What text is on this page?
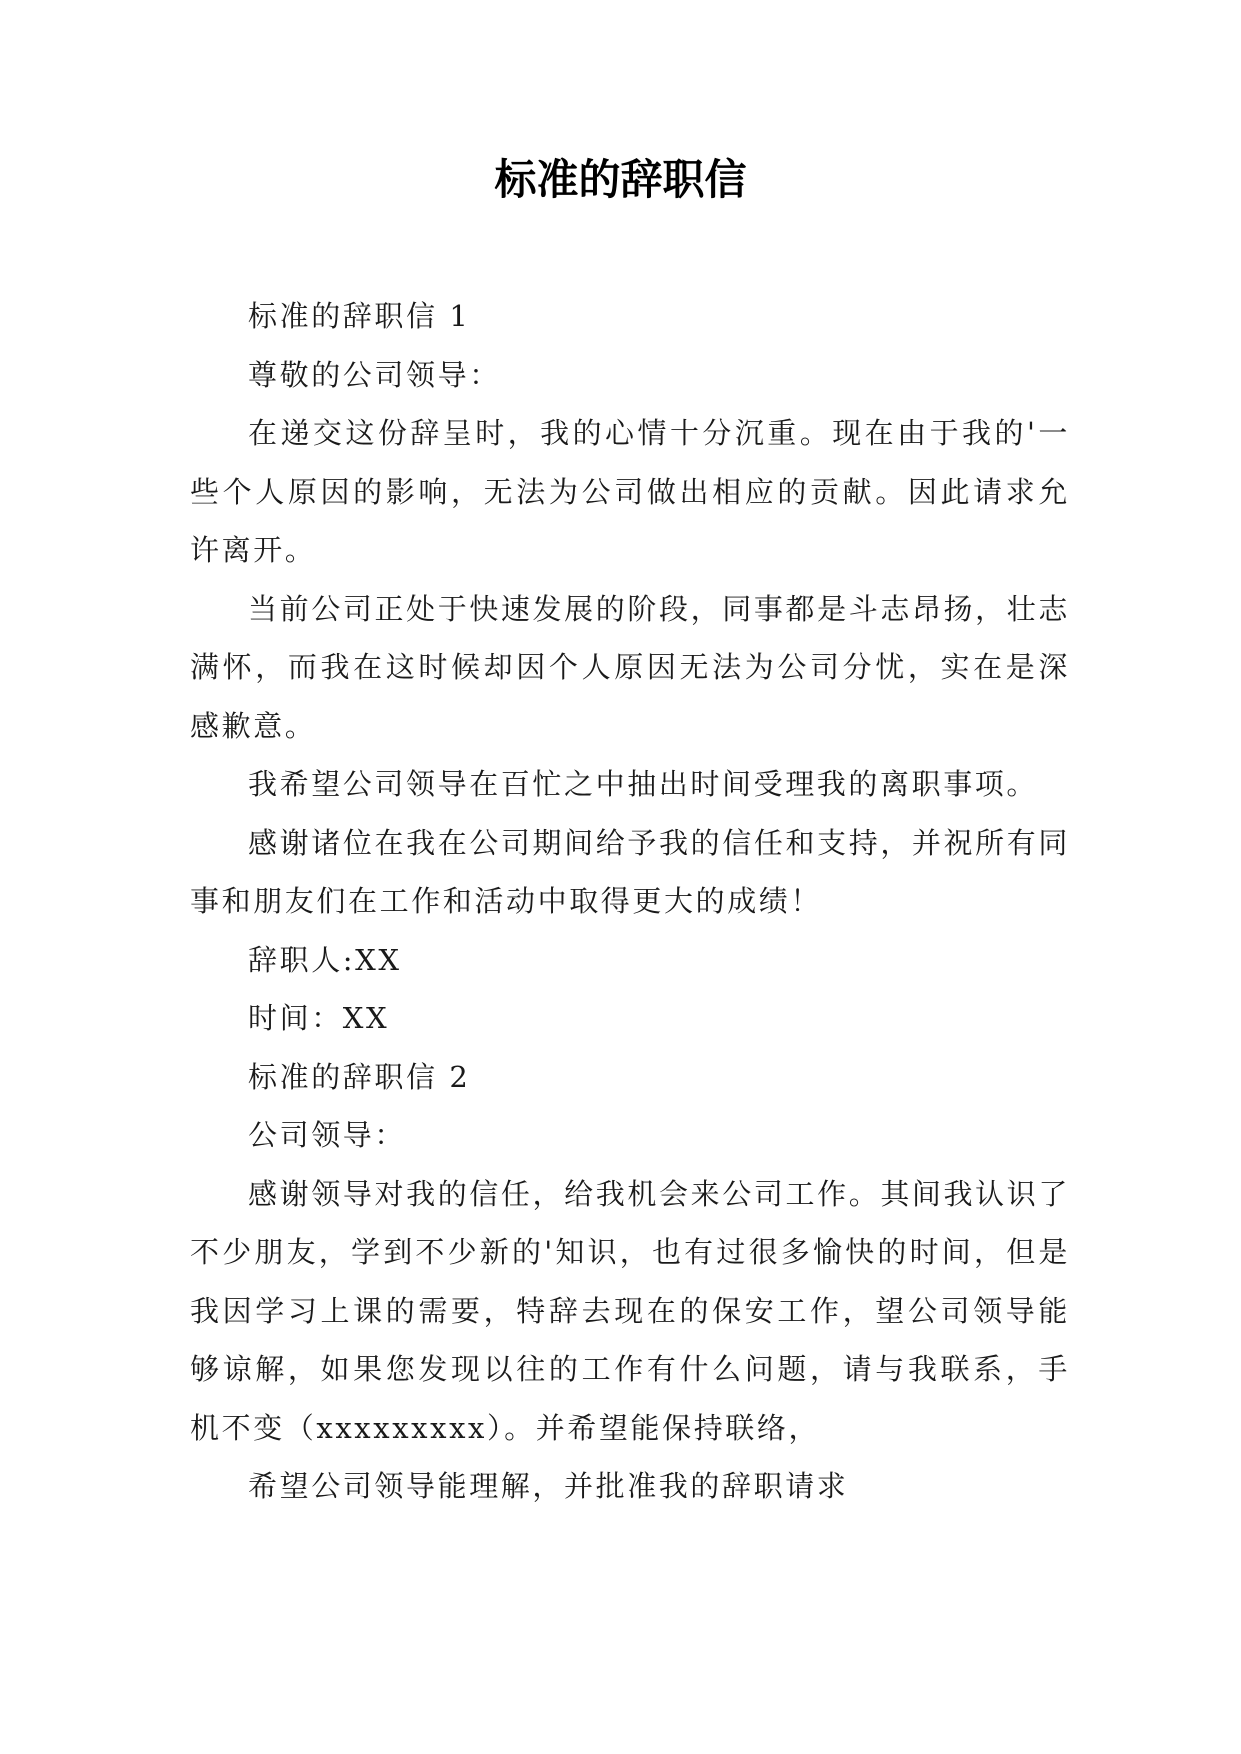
标准的辞职信

标准的辞职信 1

尊敬的公司领导：

在递交这份辞呈时，我的心情十分沉重。现在由于我的'一些个人原因的影响，无法为公司做出相应的贡献。因此请求允许离开。

当前公司正处于快速发展的阶段，同事都是斗志昂扬，壮志满怀，而我在这时候却因个人原因无法为公司分忧，实在是深感歉意。

我希望公司领导在百忙之中抽出时间受理我的离职事项。

感谢诸位在我在公司期间给予我的信任和支持，并祝所有同事和朋友们在工作和活动中取得更大的成绩！

辞职人:XX

时间：XX

标准的辞职信 2

公司领导：

感谢领导对我的信任，给我机会来公司工作。其间我认识了不少朋友，学到不少新的'知识，也有过很多愉快的时间，但是我因学习上课的需要，特辞去现在的保安工作，望公司领导能够谅解，如果您发现以往的工作有什么问题，请与我联系，手机不变（xxxxxxxxx）。并希望能保持联络，

希望公司领导能理解，并批准我的辞职请求
